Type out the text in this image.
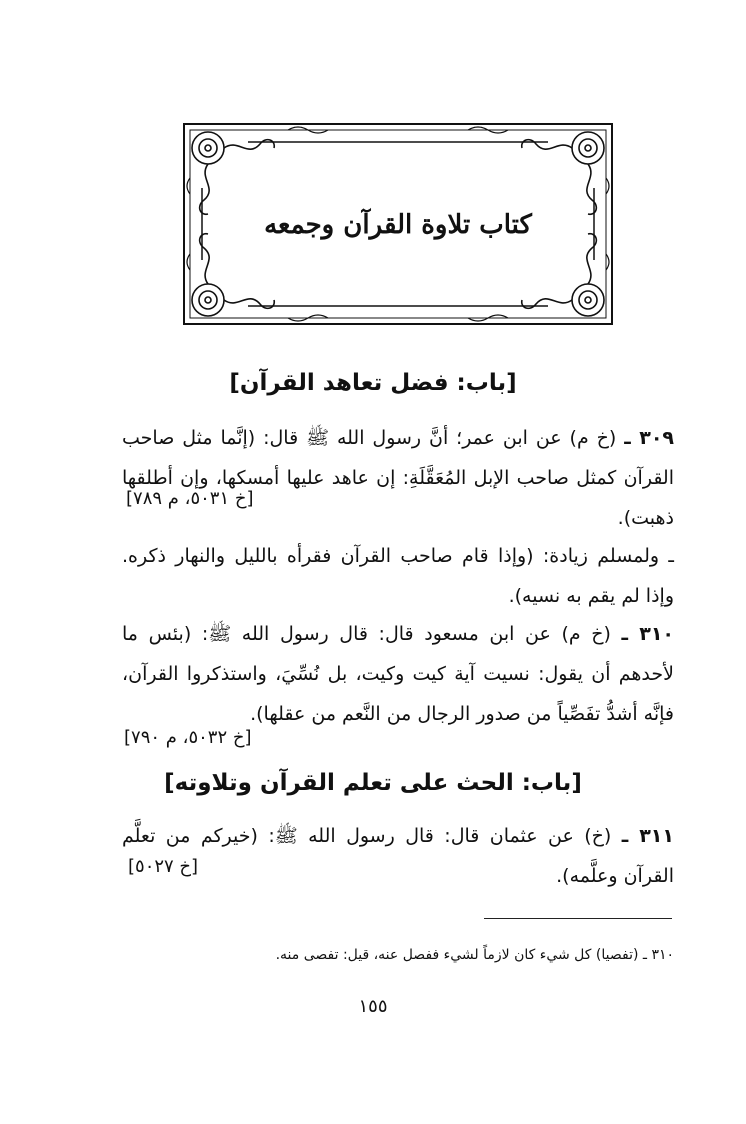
كتاب تلاوة القرآن وجمعه
[باب: فضل تعاهد القرآن]

٣٠٩ ـ (خ م) عن ابن عمر؛ أنَّ رسول الله ﷺ قال: (إنَّما مثل صاحب القرآن كمثل صاحب الإبل المُعَقَّلَةِ: إن عاهد عليها أمسكها، وإن أطلقها ذهبت).

[خ ٥٠٣١، م ٧٨٩]

ـ ولمسلم زيادة: (وإذا قام صاحب القرآن فقرأه بالليل والنهار ذكره. وإذا لم يقم به نسيه).

٣١٠ ـ (خ م) عن ابن مسعود قال: قال رسول الله ﷺ: (بئس ما لأحدهم أن يقول: نسيت آية كيت وكيت، بل نُسِّيَ، واستذكروا القرآن، فإنَّه أشدُّ تفَصِّياً من صدور الرجال من النَّعم من عقلها).

[خ ٥٠٣٢، م ٧٩٠]
[باب: الحث على تعلم القرآن وتلاوته]

٣١١ ـ (خ) عن عثمان قال: قال رسول الله ﷺ: (خيركم من تعلَّم القرآن وعلَّمه).

[خ ٥٠٢٧]
٣١٠ ـ (تفصيا) كل شيء كان لازماً لشيء ففصل عنه، قيل: تفصى منه.
١٥٥
